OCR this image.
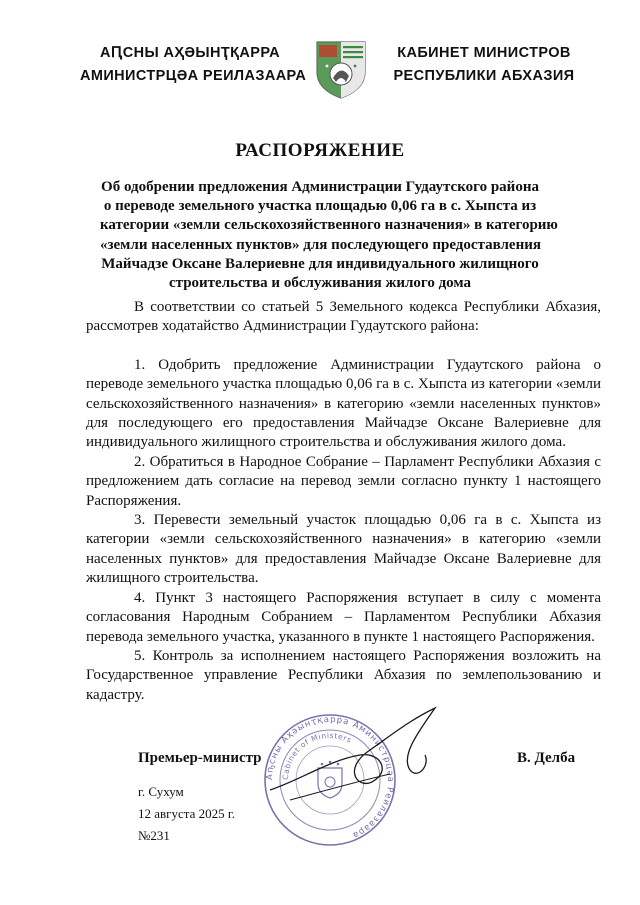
АԤСНЫ АҲӘЫНҬҚАРРА
АМИНИСТРЦӘА РЕИЛАЗААРА
КАБИНЕТ МИНИСТРОВ
РЕСПУБЛИКИ АБХАЗИЯ
РАСПОРЯЖЕНИЕ
Об одобрении предложения Администрации Гудаутского района
о переводе земельного участка площадью 0,06 га в с. Хыпста из
категории «земли сельскохозяйственного назначения» в категорию
«земли населенных пунктов» для последующего предоставления
Майчадзе Оксане Валериевне для индивидуального жилищного
строительства и обслуживания жилого дома

В соответствии со статьей 5 Земельного кодекса Республики Абхазия, рассмотрев ходатайство Администрации Гудаутского района:

1. Одобрить предложение Администрации Гудаутского района о переводе земельного участка площадью 0,06 га в с. Хыпста из категории «земли сельскохозяйственного назначения» в категорию «земли населенных пунктов» для последующего его предоставления Майчадзе Оксане Валериевне для индивидуального жилищного строительства и обслуживания жилого дома.
2. Обратиться в Народное Собрание – Парламент Республики Абхазия с предложением дать согласие на перевод земли согласно пункту 1 настоящего Распоряжения.
3. Перевести земельный участок площадью 0,06 га в с. Хыпста из категории «земли сельскохозяйственного назначения» в категорию «земли населенных пунктов» для предоставления Майчадзе Оксане Валериевне для жилищного строительства.
4. Пункт 3 настоящего Распоряжения вступает в силу с момента согласования Народным Собранием – Парламентом Республики Абхазия перевода земельного участка, указанного в пункте 1 настоящего Распоряжения.
5. Контроль за исполнением настоящего Распоряжения возложить на Государственное управление Республики Абхазия по землепользованию и кадастру.
Аҧсны Аҳәынҭқарра Аминистрцәа Реилазаара
Cabinet of Ministers
Премьер-министр	В. Делба
г. Сухум
12 августа 2025 г.
№231
